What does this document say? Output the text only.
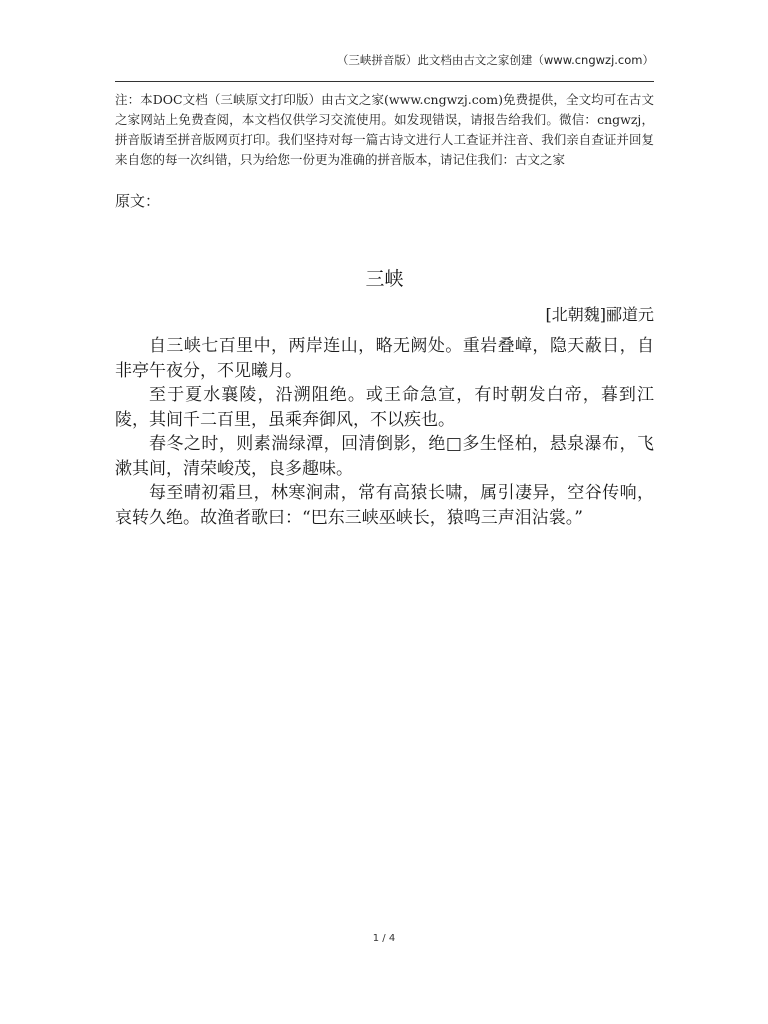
（三峡拼音版）此文档由古文之家创建（www.cngwzj.com）
注：本DOC文档（三峡原文打印版）由古文之家(www.cngwzj.com)免费提供，全文均可在古文之家网站上免费查阅，本文档仅供学习交流使用。如发现错误，请报告给我们。微信：cngwzj，拼音版请至拼音版网页打印。我们坚持对每一篇古诗文进行人工查证并注音、我们亲自查证并回复来自您的每一次纠错，只为给您一份更为准确的拼音版本，请记住我们：古文之家
原文：
三峡
[北朝魏]郦道元

自三峡七百里中，两岸连山，略无阙处。重岩叠嶂，隐天蔽日，自非亭午夜分，不见曦月。

至于夏水襄陵，沿溯阻绝。或王命急宣，有时朝发白帝，暮到江陵，其间千二百里，虽乘奔御风，不以疾也。

春冬之时，则素湍绿潭，回清倒影，绝□多生怪柏，悬泉瀑布，飞漱其间，清荣峻茂，良多趣味。

每至晴初霜旦，林寒涧肃，常有高猿长啸，属引凄异，空谷传响，哀转久绝。故渔者歌曰：“巴东三峡巫峡长，猿鸣三声泪沾裳。”

1 / 4
